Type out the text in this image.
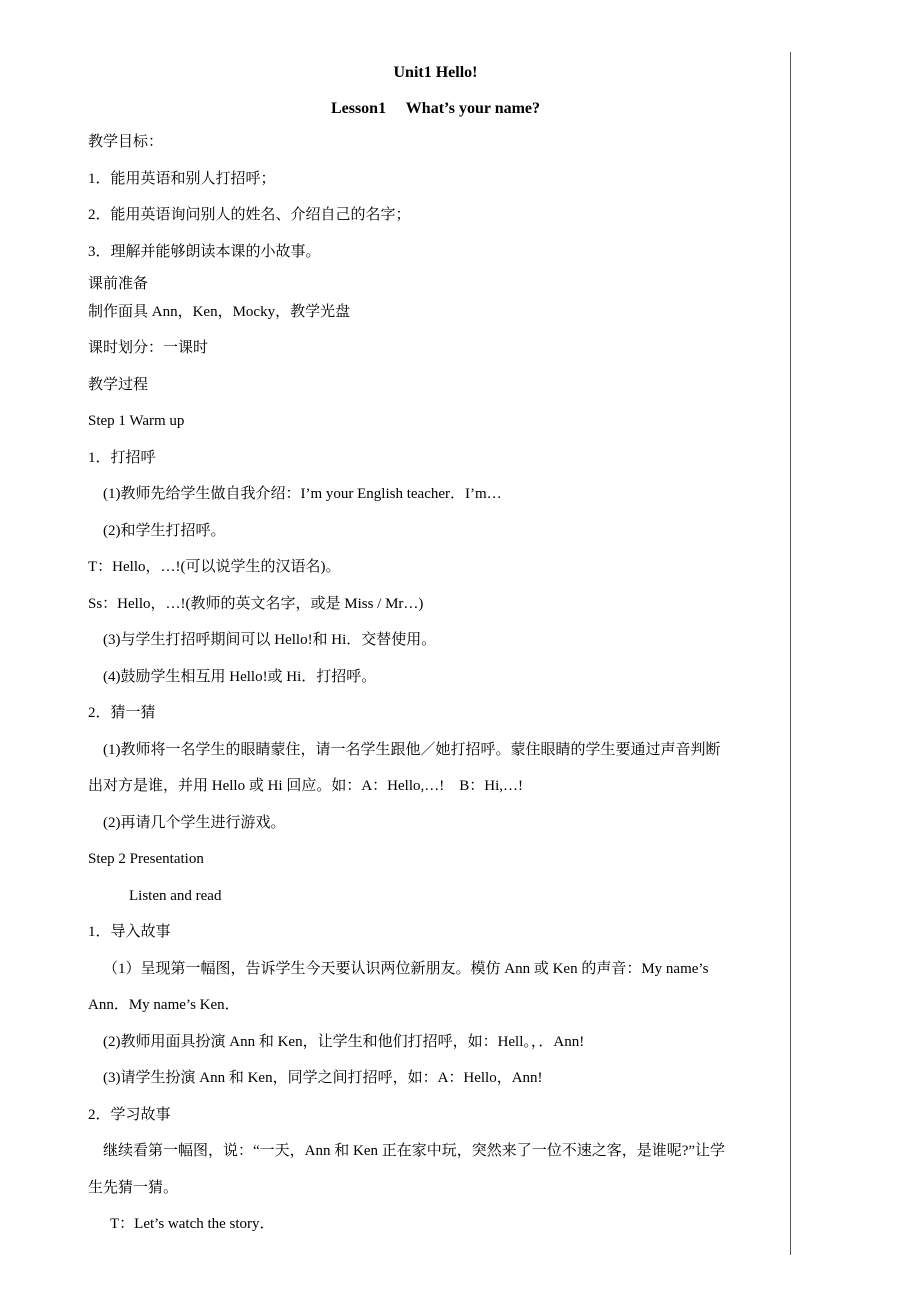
Unit1 Hello!

Lesson1　 What’s your name?

教学目标：

1．能用英语和别人打招呼；

2．能用英语询问别人的姓名、介绍自己的名字；

3．理解并能够朗读本课的小故事。

课前准备

制作面具 Ann，Ken，Mocky，教学光盘

课时划分：一课时

教学过程

Step 1 Warm up

1．打招呼

(1)教师先给学生做自我介绍：I’m your English teacher．I’m…

(2)和学生打招呼。

T：Hello，…!(可以说学生的汉语名)。

Ss：Hello，…!(教师的英文名字，或是 Miss / Mr…)

(3)与学生打招呼期间可以 Hello!和 Hi．交替使用。

(4)鼓励学生相互用 Hello!或 Hi．打招呼。

2．猜一猜

(1)教师将一名学生的眼睛蒙住，请一名学生跟他／她打招呼。蒙住眼睛的学生要通过声音判断

出对方是谁，并用 Hello 或 Hi 回应。如：A：Hello,…!　B：Hi,…!

(2)再请几个学生进行游戏。

Step 2 Presentation

Listen and read

1．导入故事

（1）呈现第一幅图，告诉学生今天要认识两位新朋友。模仿 Ann 或 Ken 的声音：My name’s

Ann．My name’s Ken．

(2)教师用面具扮演 Ann 和 Ken，让学生和他们打招呼，如：Hell。，．Ann!

(3)请学生扮演 Ann 和 Ken，同学之间打招呼，如：A：Hello，Ann!

2．学习故事

继续看第一幅图，说：“一天，Ann 和 Ken 正在家中玩，突然来了一位不速之客，是谁呢?”让学

生先猜一猜。

T：Let’s watch the story．
